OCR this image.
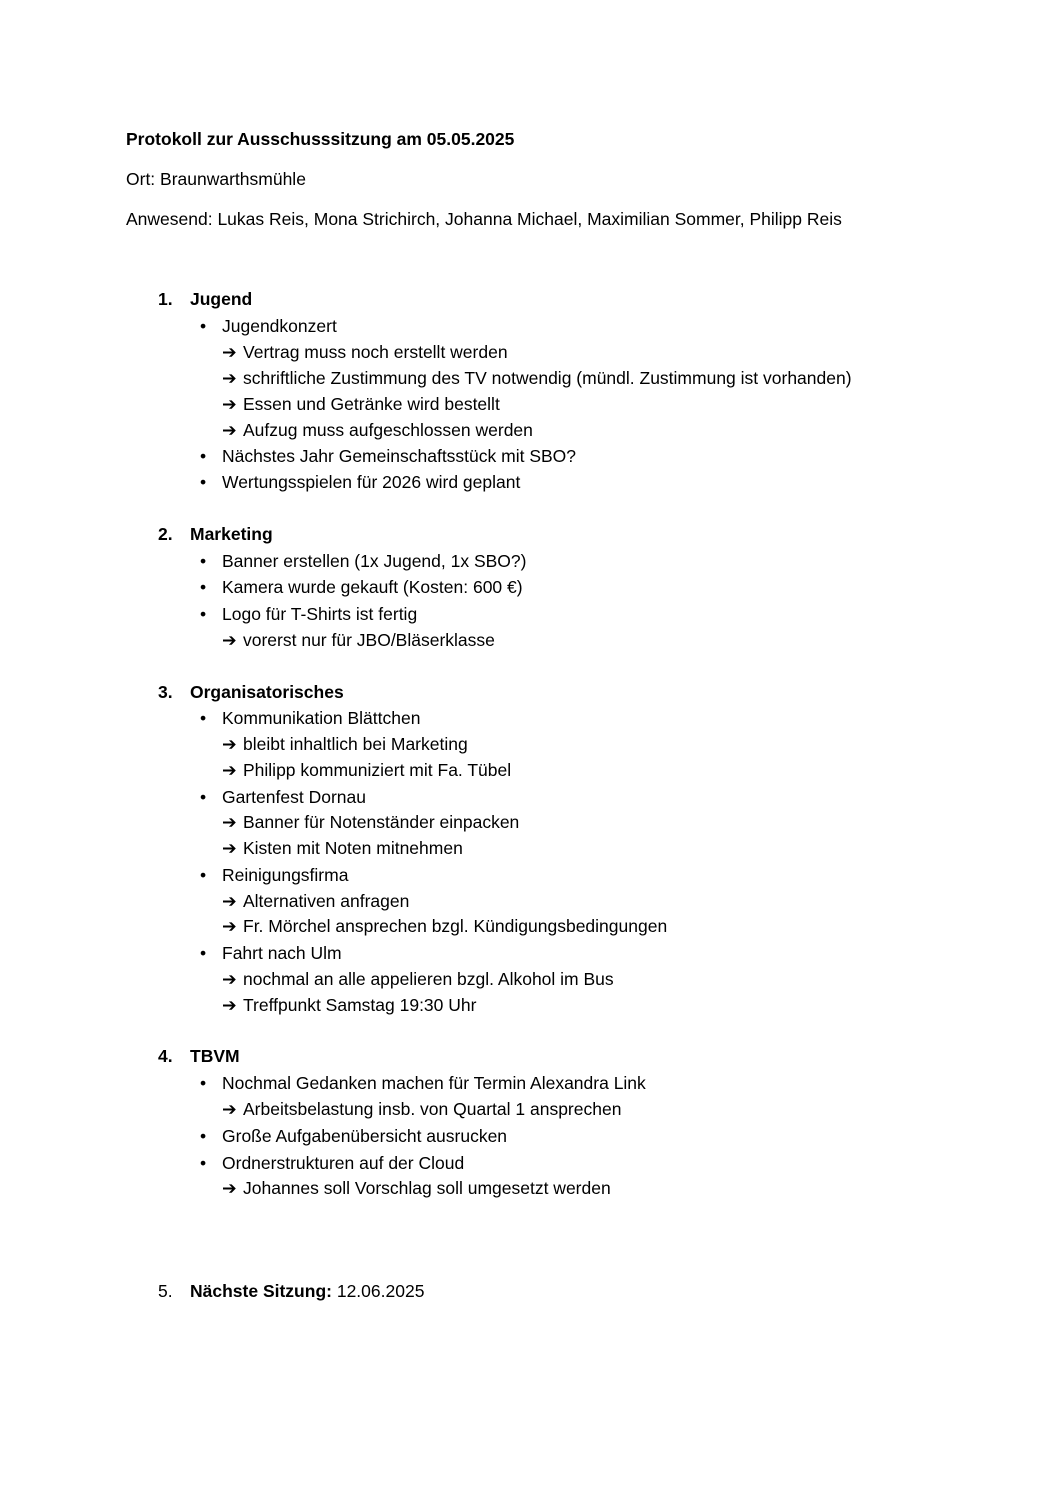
Protokoll zur Ausschusssitzung am 05.05.2025
Ort: Braunwarthsmühle
Anwesend: Lukas Reis, Mona Strichirch, Johanna Michael, Maximilian Sommer, Philipp Reis
1. Jugend
• Jugendkonzert
➔ Vertrag muss noch erstellt werden
➔ schriftliche Zustimmung des TV notwendig (mündl. Zustimmung ist vorhanden)
➔ Essen und Getränke wird bestellt
➔ Aufzug muss aufgeschlossen werden
• Nächstes Jahr Gemeinschaftsstück mit SBO?
• Wertungsspielen für 2026 wird geplant
2. Marketing
• Banner erstellen (1x Jugend, 1x SBO?)
• Kamera wurde gekauft (Kosten: 600 €)
• Logo für T-Shirts ist fertig
➔ vorerst nur für JBO/Bläserklasse
3. Organisatorisches
• Kommunikation Blättchen
➔ bleibt inhaltlich bei Marketing
➔ Philipp kommuniziert mit Fa. Tübel
• Gartenfest Dornau
➔ Banner für Notenständer einpacken
➔ Kisten mit Noten mitnehmen
• Reinigungsfirma
➔ Alternativen anfragen
➔ Fr. Mörchel ansprechen bzgl. Kündigungsbedingungen
• Fahrt nach Ulm
➔ nochmal an alle appelieren bzgl. Alkohol im Bus
➔ Treffpunkt Samstag 19:30 Uhr
4. TBVM
• Nochmal Gedanken machen für Termin Alexandra Link
➔ Arbeitsbelastung insb. von Quartal 1 ansprechen
• Große Aufgabenübersicht ausrucken
• Ordnerstrukturen auf der Cloud
➔ Johannes soll Vorschlag soll umgesetzt werden
5. Nächste Sitzung: 12.06.2025
